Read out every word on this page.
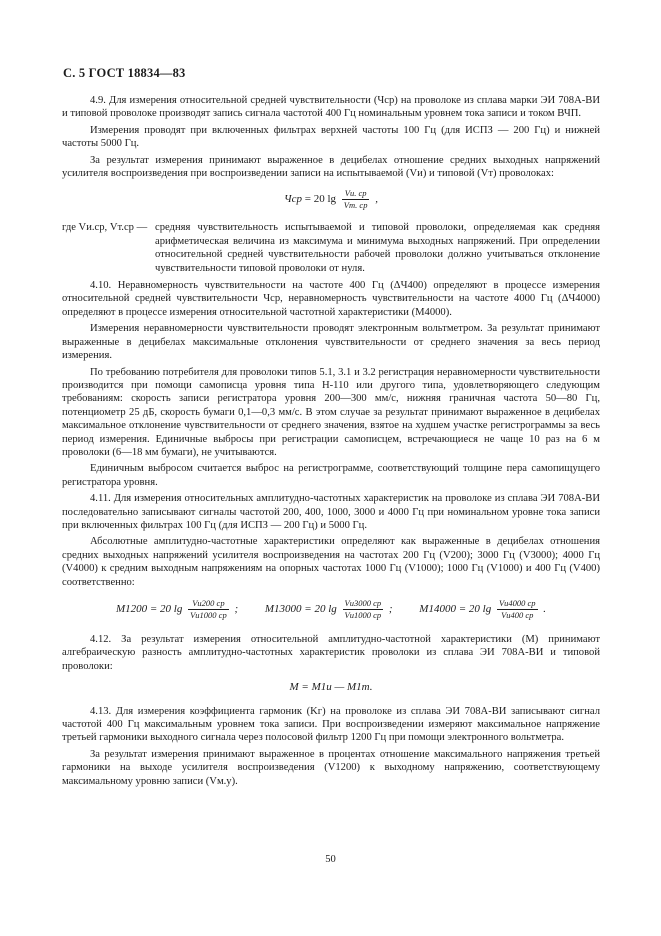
С. 5 ГОСТ 18834—83

4.9. Для измерения относительной средней чувствительности (Чср) на проволоке из сплава марки ЭИ 708А-ВИ и типовой проволоке производят запись сигнала частотой 400 Гц номинальным уровнем тока записи и током ВЧП.

Измерения проводят при включенных фильтрах верхней частоты 100 Гц (для ИСПЗ — 200 Гц) и нижней частоты 5000 Гц.

За результат измерения принимают выраженное в децибелах отношение средних выходных напряжений усилителя воспроизведения при воспроизведении записи на испытываемой (Vи) и типовой (Vт) проволоках:

Чср = 20 $\lg \frac{Vи. ср}{Vт. ср}$ ,
где Vи.ср, Vт.ср — средняя чувствительность испытываемой и типовой проволоки, определяемая как средняя арифметическая величина из максимума и минимума выходных напряжений. При определении относительной средней чувствительности рабочей проволоки должно учитываться отклонение чувствительности типовой проволоки от нуля.

4.10. Неравномерность чувствительности на частоте 400 Гц (ΔЧ400) определяют в процессе измерения относительной средней чувствительности Чср, неравномерность чувствительности на частоте 4000 Гц (ΔЧ4000) определяют в процессе измерения относительной частотной характеристики (M4000).

Измерения неравномерности чувствительности проводят электронным вольтметром. За результат принимают выраженные в децибелах максимальные отклонения чувствительности от среднего значения за весь период измерения.

По требованию потребителя для проволоки типов 5.1, 3.1 и 3.2 регистрация неравномерности чувствительности производится при помощи самописца уровня типа Н-110 или другого типа, удовлетворяющего следующим требованиям: скорость записи регистратора уровня 200—300 мм/с, нижняя граничная частота 50—80 Гц, потенциометр 25 дБ, скорость бумаги 0,1—0,3 мм/с. В этом случае за результат принимают выраженное в децибелах максимальное отклонение чувствительности от среднего значения, взятое на худшем участке регистрограммы за весь период измерения. Единичные выбросы при регистрации самописцем, встречающиеся не чаще 10 раз на 6 м проволоки (6—18 мм бумаги), не учитываются.

Единичным выбросом считается выброс на регистрограмме, соответствующий толщине пера самопищущего регистратора уровня.

4.11. Для измерения относительных амплитудно-частотных характеристик на проволоке из сплава ЭИ 708А-ВИ последовательно записывают сигналы частотой 200, 400, 1000, 3000 и 4000 Гц при номинальном уровне тока записи при включенных фильтрах 100 Гц (для ИСПЗ — 200 Гц) и 5000 Гц.

Абсолютные амплитудно-частотные характеристики определяют как выраженные в децибелах отношения средних выходных напряжений усилителя воспроизведения на частотах 200 Гц (V200); 3000 Гц (V3000); 4000 Гц (V4000) к средним выходным напряжениям на опорных частотах 1000 Гц (V1000); 1000 Гц (V1000) и 400 Гц (V400) соответственно:

M1200 = 20 $\lg \frac{Vи200 ср}{Vи1000 ср}$ ; M13000 = 20 $\lg \frac{Vи3000 ср}{Vи1000 ср}$ ; M14000 = 20 $\lg \frac{Vи4000 ср}{Vи400 ср}$ .

4.12. За результат измерения относительной амплитудно-частотной характеристики (M) принимают алгебраическую разность амплитудно-частотных характеристик проволоки из сплава ЭИ 708А-ВИ и типовой проволоки:

M = M1и — M1т.

4.13. Для измерения коэффициента гармоник (Kг) на проволоке из сплава ЭИ 708А-ВИ записывают сигнал частотой 400 Гц максимальным уровнем тока записи. При воспроизведении измеряют максимальное напряжение третьей гармоники выходного сигнала через полосовой фильтр 1200 Гц при помощи электронного вольтметра.

За результат измерения принимают выраженное в процентах отношение максимального напряжения третьей гармоники на выходе усилителя воспроизведения (V1200) к выходному напряжению, соответствующему максимальному уровню записи (Vм.у).

50
